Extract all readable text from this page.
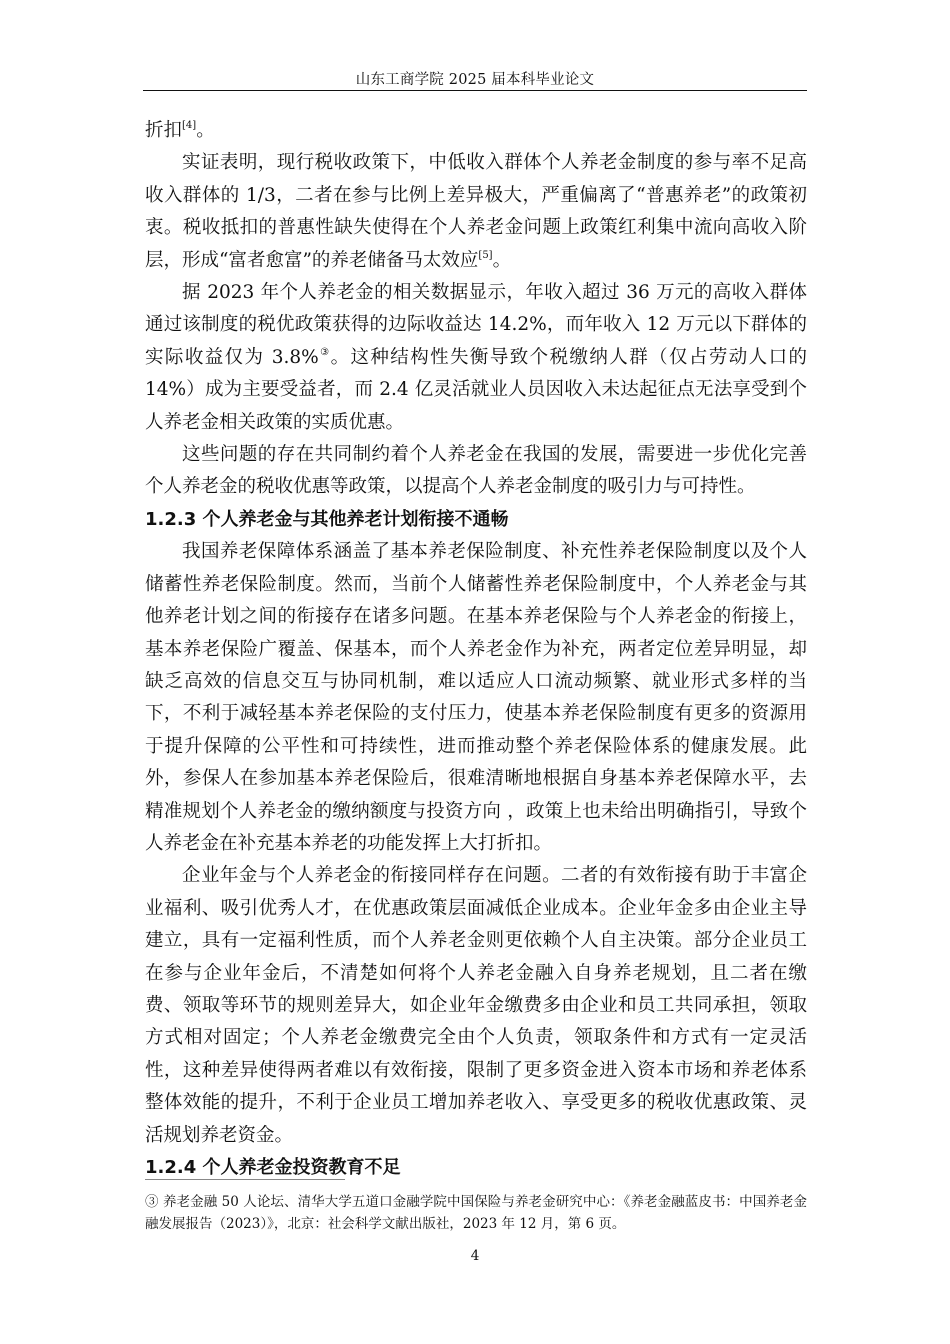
山东工商学院 2025 届本科毕业论文

折扣[4]。

实证表明，现行税收政策下，中低收入群体个人养老金制度的参与率不足高收入群体的 1/3，二者在参与比例上差异极大，严重偏离了“普惠养老”的政策初衷。税收抵扣的普惠性缺失使得在个人养老金问题上政策红利集中流向高收入阶层，形成“富者愈富”的养老储备马太效应[5]。

据 2023 年个人养老金的相关数据显示，年收入超过 36 万元的高收入群体通过该制度的税优政策获得的边际收益达 14.2%，而年收入 12 万元以下群体的实际收益仅为 3.8%③。这种结构性失衡导致个税缴纳人群（仅占劳动人口的 14%）成为主要受益者，而 2.4 亿灵活就业人员因收入未达起征点无法享受到个人养老金相关政策的实质优惠。

这些问题的存在共同制约着个人养老金在我国的发展，需要进一步优化完善个人养老金的税收优惠等政策，以提高个人养老金制度的吸引力与可持性。

1.2.3 个人养老金与其他养老计划衔接不通畅

我国养老保障体系涵盖了基本养老保险制度、补充性养老保险制度以及个人储蓄性养老保险制度。然而，当前个人储蓄性养老保险制度中，个人养老金与其他养老计划之间的衔接存在诸多问题。在基本养老保险与个人养老金的衔接上，基本养老保险广覆盖、保基本，而个人养老金作为补充，两者定位差异明显，却缺乏高效的信息交互与协同机制，难以适应人口流动频繁、就业形式多样的当下，不利于减轻基本养老保险的支付压力，使基本养老保险制度有更多的资源用于提升保障的公平性和可持续性，进而推动整个养老保险体系的健康发展。此外，参保人在参加基本养老保险后，很难清晰地根据自身基本养老保障水平，去精准规划个人养老金的缴纳额度与投资方向 ，政策上也未给出明确指引，导致个人养老金在补充基本养老的功能发挥上大打折扣。

企业年金与个人养老金的衔接同样存在问题。二者的有效衔接有助于丰富企业福利、吸引优秀人才，在优惠政策层面减低企业成本。企业年金多由企业主导建立，具有一定福利性质，而个人养老金则更依赖个人自主决策。部分企业员工在参与企业年金后，不清楚如何将个人养老金融入自身养老规划，且二者在缴费、领取等环节的规则差异大，如企业年金缴费多由企业和员工共同承担，领取方式相对固定；个人养老金缴费完全由个人负责，领取条件和方式有一定灵活性，这种差异使得两者难以有效衔接，限制了更多资金进入资本市场和养老体系整体效能的提升，不利于企业员工增加养老收入、享受更多的税收优惠政策、灵活规划养老资金。

1.2.4 个人养老金投资教育不足
③ 养老金融 50 人论坛、清华大学五道口金融学院中国保险与养老金研究中心：《养老金融蓝皮书：中国养老金融发展报告（2023）》，北京：社会科学文献出版社，2023 年 12 月，第 6 页。
4
